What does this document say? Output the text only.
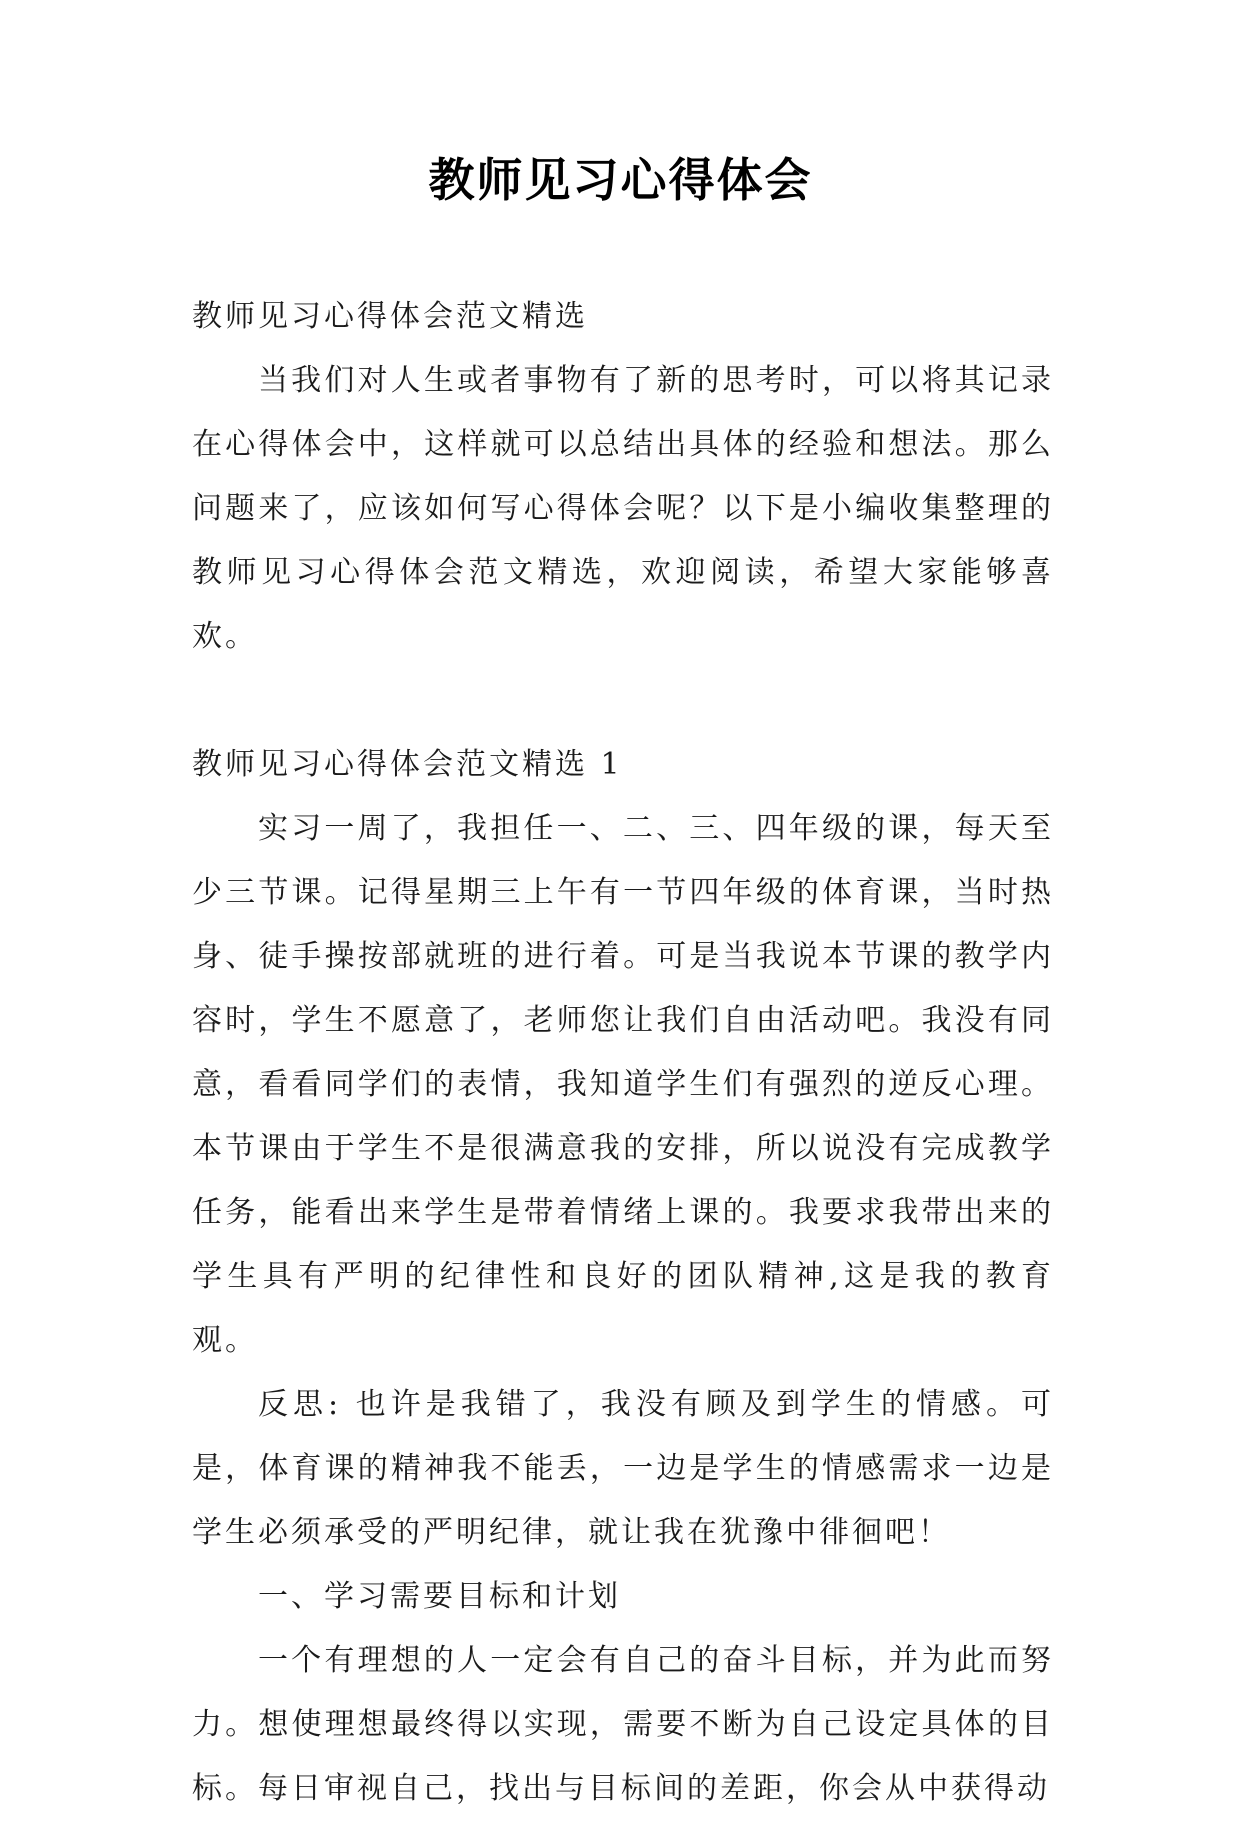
教师见习心得体会

教师见习心得体会范文精选

当我们对人生或者事物有了新的思考时，可以将其记录在心得体会中，这样就可以总结出具体的经验和想法。那么问题来了，应该如何写心得体会呢？以下是小编收集整理的教师见习心得体会范文精选，欢迎阅读，希望大家能够喜欢。

教师见习心得体会范文精选 1

实习一周了，我担任一、二、三、四年级的课，每天至少三节课。记得星期三上午有一节四年级的体育课，当时热身、徒手操按部就班的进行着。可是当我说本节课的教学内容时，学生不愿意了，老师您让我们自由活动吧。我没有同意，看看同学们的表情，我知道学生们有强烈的逆反心理。本节课由于学生不是很满意我的安排，所以说没有完成教学任务，能看出来学生是带着情绪上课的。我要求我带出来的学生具有严明的纪律性和良好的团队精神,这是我的教育观。

反思: 也许是我错了，我没有顾及到学生的情感。可是，体育课的精神我不能丢，一边是学生的情感需求一边是学生必须承受的严明纪律，就让我在犹豫中徘徊吧！

一、学习需要目标和计划

一个有理想的人一定会有自己的奋斗目标，并为此而努力。想使理想最终得以实现，需要不断为自己设定具体的目标。每日审视自己，找出与目标间的差距，你会从中获得动
